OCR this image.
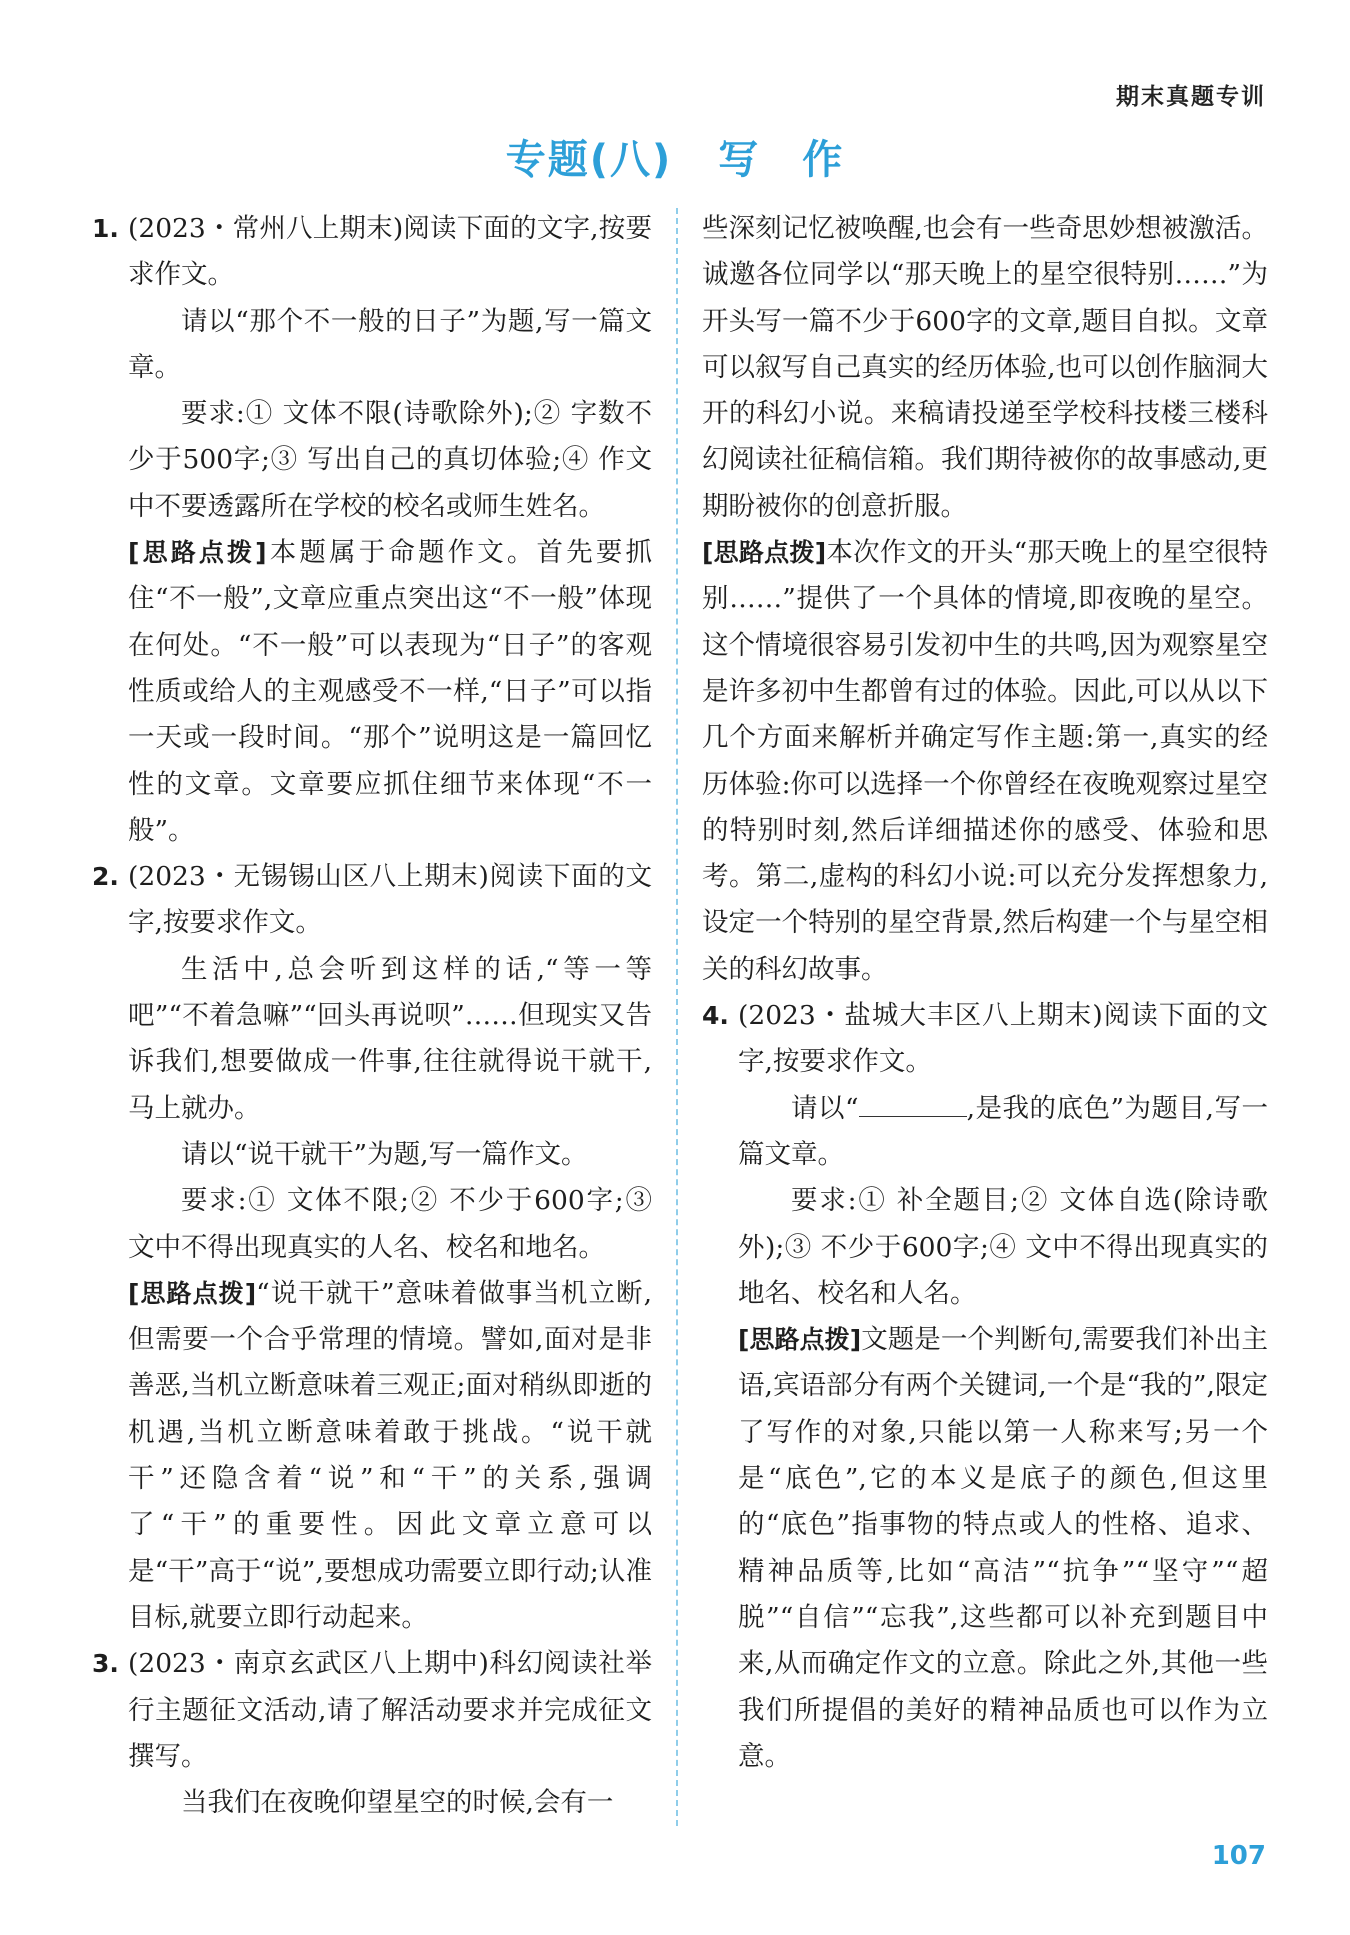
期末真题专训
专题(八) 写　作
1. (2023・常州八上期末)阅读下面的文字,按要求作文。

请以“那个不一般的日子”为题,写一篇文章。

要求:① 文体不限(诗歌除外);② 字数不少于500字;③ 写出自己的真切体验;④ 作文中不要透露所在学校的校名或师生姓名。

[思路点拨]本题属于命题作文。首先要抓住“不一般”,文章应重点突出这“不一般”体现在何处。“不一般”可以表现为“日子”的客观性质或给人的主观感受不一样,“日子”可以指一天或一段时间。“那个”说明这是一篇回忆性的文章。文章要应抓住细节来体现“不一般”。

2. (2023・无锡锡山区八上期末)阅读下面的文字,按要求作文。

生活中,总会听到这样的话,“等一等吧”“不着急嘛”“回头再说呗”……但现实又告诉我们,想要做成一件事,往往就得说干就干,马上就办。

请以“说干就干”为题,写一篇作文。

要求:① 文体不限;② 不少于600字;③ 文中不得出现真实的人名、校名和地名。

[思路点拨]“说干就干”意味着做事当机立断,但需要一个合乎常理的情境。譬如,面对是非善恶,当机立断意味着三观正;面对稍纵即逝的机遇,当机立断意味着敢于挑战。“说干就干”还隐含着“说”和“干”的关系,强调了“干”的重要性。因此文章立意可以是“干”高于“说”,要想成功需要立即行动;认准目标,就要立即行动起来。

3. (2023・南京玄武区八上期中)科幻阅读社举行主题征文活动,请了解活动要求并完成征文撰写。

当我们在夜晚仰望星空的时候,会有一

些深刻记忆被唤醒,也会有一些奇思妙想被激活。诚邀各位同学以“那天晚上的星空很特别……”为开头写一篇不少于600字的文章,题目自拟。文章可以叙写自己真实的经历体验,也可以创作脑洞大开的科幻小说。来稿请投递至学校科技楼三楼科幻阅读社征稿信箱。我们期待被你的故事感动,更期盼被你的创意折服。

[思路点拨]本次作文的开头“那天晚上的星空很特别……”提供了一个具体的情境,即夜晚的星空。这个情境很容易引发初中生的共鸣,因为观察星空是许多初中生都曾有过的体验。因此,可以从以下几个方面来解析并确定写作主题:第一,真实的经历体验:你可以选择一个你曾经在夜晚观察过星空的特别时刻,然后详细描述你的感受、体验和思考。第二,虚构的科幻小说:可以充分发挥想象力,设定一个特别的星空背景,然后构建一个与星空相关的科幻故事。

4. (2023・盐城大丰区八上期末)阅读下面的文字,按要求作文。

请以“	,是我的底色”为题目,写一篇文章。

要求:① 补全题目;② 文体自选(除诗歌外);③ 不少于600字;④ 文中不得出现真实的地名、校名和人名。

[思路点拨]文题是一个判断句,需要我们补出主语,宾语部分有两个关键词,一个是“我的”,限定了写作的对象,只能以第一人称来写;另一个是“底色”,它的本义是底子的颜色,但这里的“底色”指事物的特点或人的性格、追求、精神品质等,比如“高洁”“抗争”“坚守”“超脱”“自信”“忘我”,这些都可以补充到题目中来,从而确定作文的立意。除此之外,其他一些我们所提倡的美好的精神品质也可以作为立意。

107
